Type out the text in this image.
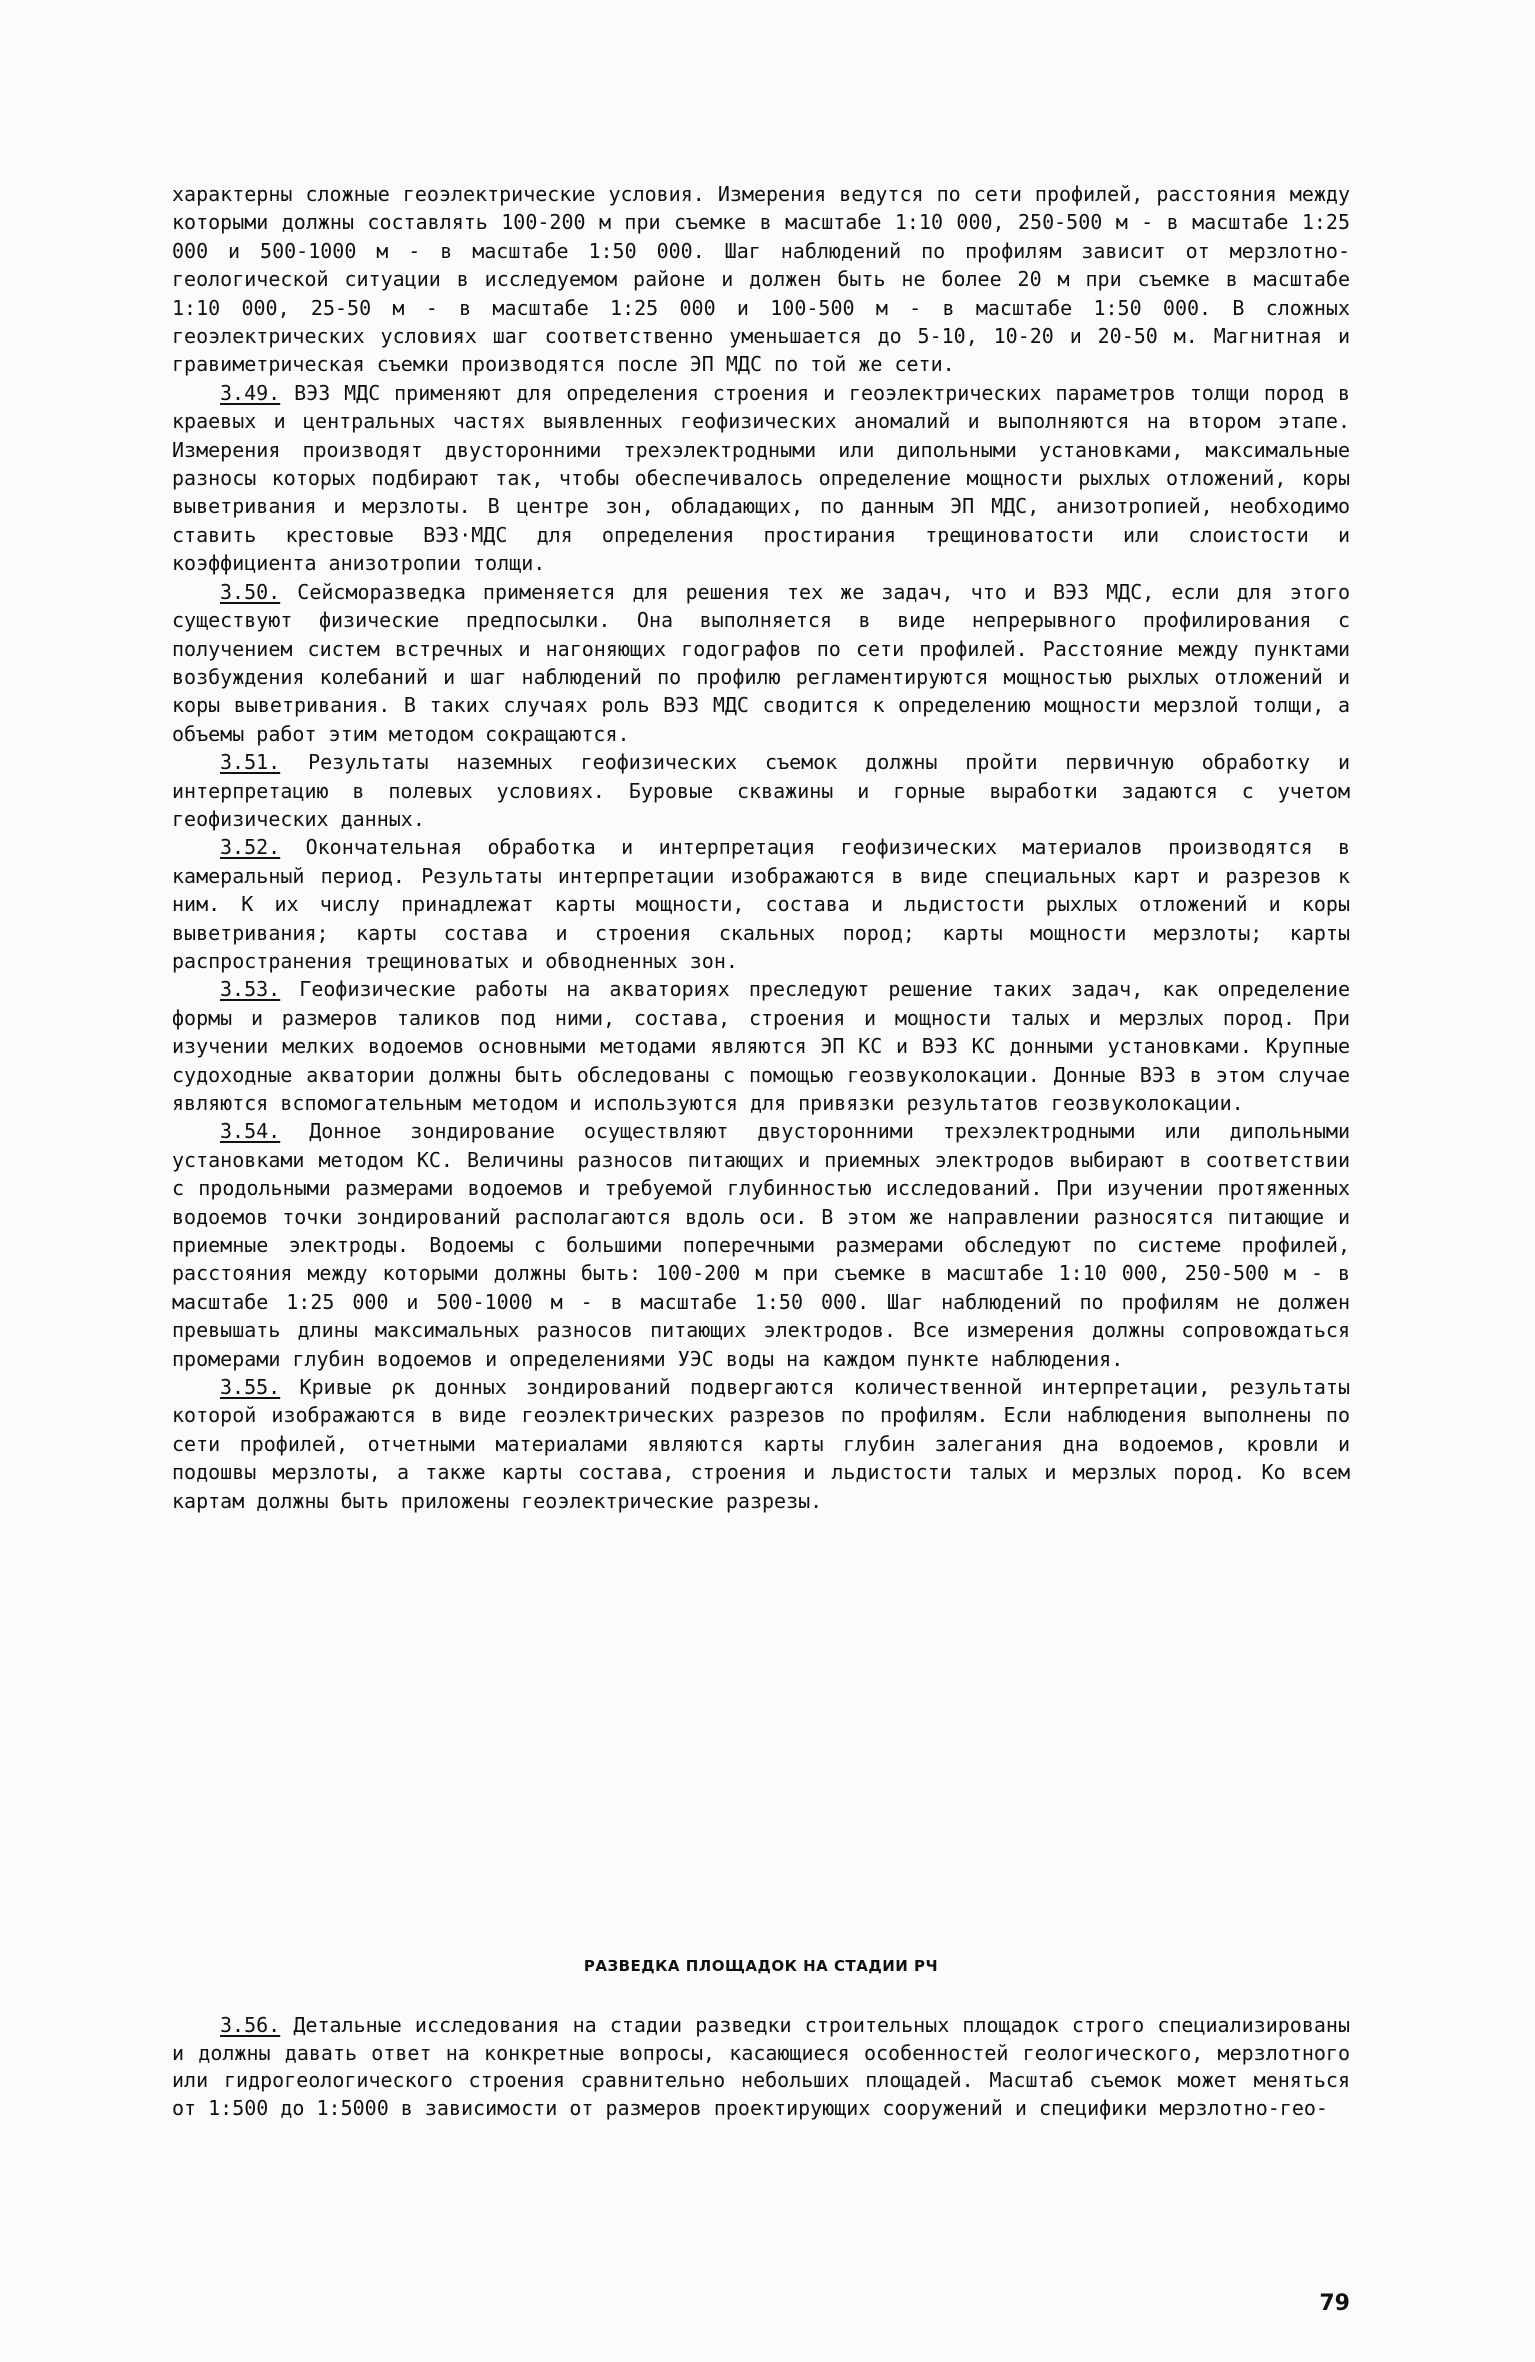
характерны сложные геоэлектрические условия. Измерения ведутся по сети профилей, расстояния между которыми должны составлять 100-200 м при съемке в масштабе 1:10 000, 250-500 м - в масштабе 1:25 000 и 500-1000 м - в масштабе 1:50 000. Шаг наблюдений по профилям зависит от мерзлотно-геологической ситуации в исследуемом районе и должен быть не более 20 м при съемке в масштабе 1:10 000, 25-50 м - в масштабе 1:25 000 и 100-500 м - в масштабе 1:50 000. В сложных геоэлектрических условиях шаг соответственно уменьшается до 5-10, 10-20 и 20-50 м. Магнитная и гравиметрическая съемки производятся после ЭП МДС по той же сети.

3.49. ВЭЗ МДС применяют для определения строения и геоэлектрических параметров толщи пород в краевых и центральных частях выявленных геофизических аномалий и выполняются на втором этапе. Измерения производят двусторонними трехэлектродными или дипольными установками, максимальные разносы которых подбирают так, чтобы обеспечивалось определение мощности рыхлых отложений, коры выветривания и мерзлоты. В центре зон, обладающих, по данным ЭП МДС, анизотропией, необходимо ставить крестовые ВЭЗ·МДС для определения простирания трещиноватости или слоистости и коэффициента анизотропии толщи.

3.50. Сейсморазведка применяется для решения тех же задач, что и ВЭЗ МДС, если для этого существуют физические предпосылки. Она выполняется в виде непрерывного профилирования с получением систем встречных и нагоняющих годографов по сети профилей. Расстояние между пунктами возбуждения колебаний и шаг наблюдений по профилю регламентируются мощностью рыхлых отложений и коры выветривания. В таких случаях роль ВЭЗ МДС сводится к определению мощности мерзлой толщи, а объемы работ этим методом сокращаются.

3.51. Результаты наземных геофизических съемок должны пройти первичную обработку и интерпретацию в полевых условиях. Буровые скважины и горные выработки задаются с учетом геофизических данных.

3.52. Окончательная обработка и интерпретация геофизических материалов производятся в камеральный период. Результаты интерпретации изображаются в виде специальных карт и разрезов к ним. К их числу принадлежат карты мощности, состава и льдистости рыхлых отложений и коры выветривания; карты состава и строения скальных пород; карты мощности мерзлоты; карты распространения трещиноватых и обводненных зон.

3.53. Геофизические работы на акваториях преследуют решение таких задач, как определение формы и размеров таликов под ними, состава, строения и мощности талых и мерзлых пород. При изучении мелких водоемов основными методами являются ЭП КС и ВЭЗ КС донными установками. Крупные судоходные акватории должны быть обследованы с помощью геозвуколокации. Донные ВЭЗ в этом случае являются вспомогательным методом и используются для привязки результатов геозвуколокации.

3.54. Донное зондирование осуществляют двусторонними трехэлектродными или дипольными установками методом КС. Величины разносов питающих и приемных электродов выбирают в соответствии с продольными размерами водоемов и требуемой глубинностью исследований. При изучении протяженных водоемов точки зондирований располагаются вдоль оси. В этом же направлении разносятся питающие и приемные электроды. Водоемы с большими поперечными размерами обследуют по системе профилей, расстояния между которыми должны быть: 100-200 м при съемке в масштабе 1:10 000, 250-500 м - в масштабе 1:25 000 и 500-1000 м - в масштабе 1:50 000. Шаг наблюдений по профилям не должен превышать длины максимальных разносов питающих электродов. Все измерения должны сопровождаться промерами глубин водоемов и определениями УЭС воды на каждом пункте наблюдения.

3.55. Кривые ρк донных зондирований подвергаются количественной интерпретации, результаты которой изображаются в виде геоэлектрических разрезов по профилям. Если наблюдения выполнены по сети профилей, отчетными материалами являются карты глубин залегания дна водоемов, кровли и подошвы мерзлоты, а также карты состава, строения и льдистости талых и мерзлых пород. Ко всем картам должны быть приложены геоэлектрические разрезы.

РАЗВЕДКА ПЛОЩАДОК НА СТАДИИ РЧ

3.56. Детальные исследования на стадии разведки строительных площадок строго специализированы и должны давать ответ на конкретные вопросы, касающиеся особенностей геологического, мерзлотного или гидрогеологического строения сравнительно небольших площадей. Масштаб съемок может меняться от 1:500 до 1:5000 в зависимости от размеров проектирующих сооружений и специфики мерзлотно-гео-

79
